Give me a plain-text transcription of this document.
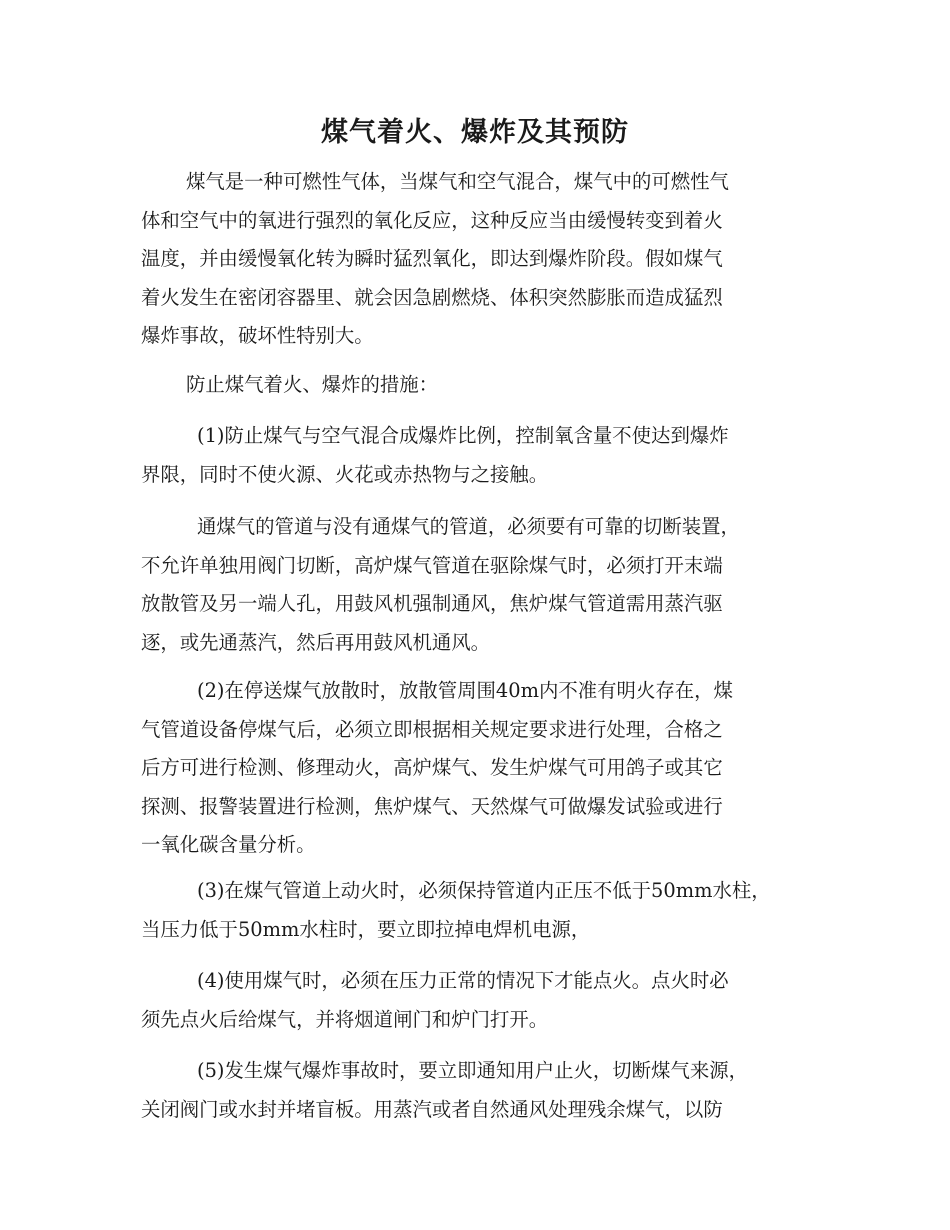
煤气着火、爆炸及其预防

煤气是一种可燃性气体，当煤气和空气混合，煤气中的可燃性气
体和空气中的氧进行强烈的氧化反应，这种反应当由缓慢转变到着火
温度，并由缓慢氧化转为瞬时猛烈氧化，即达到爆炸阶段。假如煤气
着火发生在密闭容器里、就会因急剧燃烧、体积突然膨胀而造成猛烈
爆炸事故，破坏性特别大。

防止煤气着火、爆炸的措施：

(1)防止煤气与空气混合成爆炸比例，控制氧含量不使达到爆炸
界限，同时不使火源、火花或赤热物与之接触。

通煤气的管道与没有通煤气的管道，必须要有可靠的切断装置，
不允许单独用阀门切断，高炉煤气管道在驱除煤气时，必须打开末端
放散管及另一端人孔，用鼓风机强制通风，焦炉煤气管道需用蒸汽驱
逐，或先通蒸汽，然后再用鼓风机通风。

(2)在停送煤气放散时，放散管周围40m内不准有明火存在，煤
气管道设备停煤气后，必须立即根据相关规定要求进行处理，合格之
后方可进行检测、修理动火，高炉煤气、发生炉煤气可用鸽子或其它
探测、报警装置进行检测，焦炉煤气、天然煤气可做爆发试验或进行
一氧化碳含量分析。

(3)在煤气管道上动火时，必须保持管道内正压不低于50mm水柱，
当压力低于50mm水柱时，要立即拉掉电焊机电源，

(4)使用煤气时，必须在压力正常的情况下才能点火。点火时必
须先点火后给煤气，并将烟道闸门和炉门打开。

(5)发生煤气爆炸事故时，要立即通知用户止火，切断煤气来源，
关闭阀门或水封并堵盲板。用蒸汽或者自然通风处理残余煤气，以防
